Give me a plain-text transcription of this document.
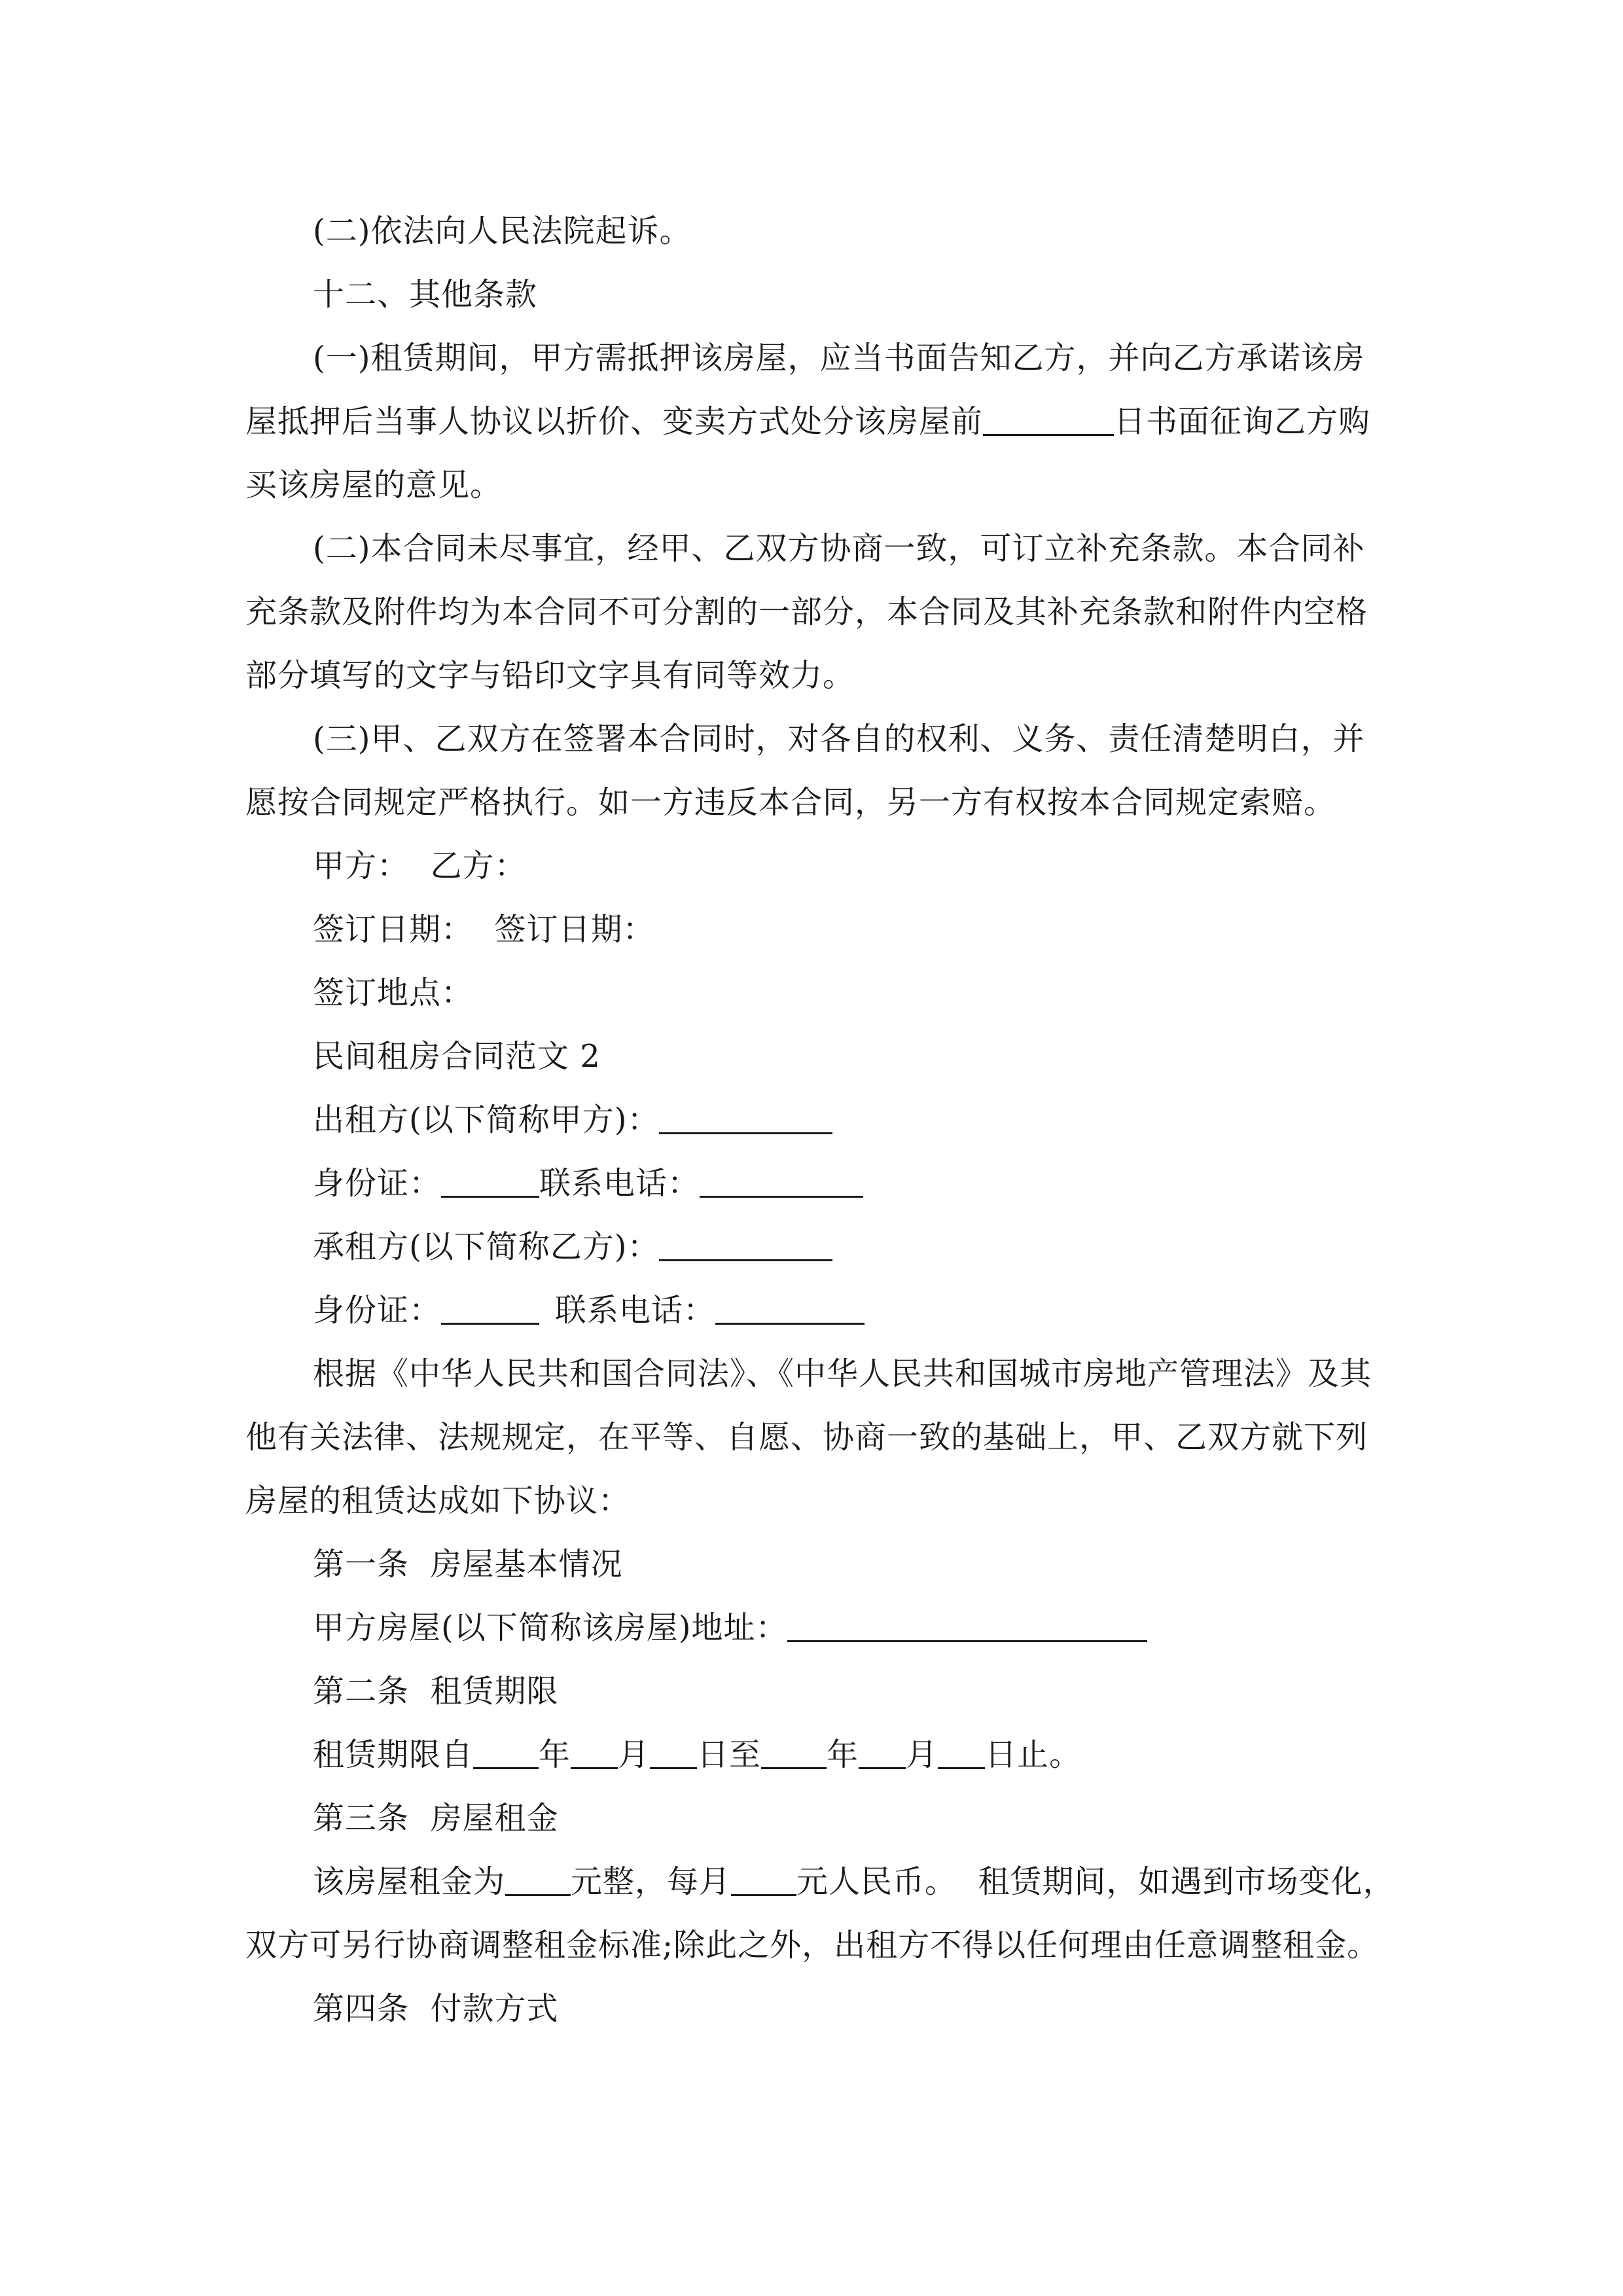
(二)依法向人民法院起诉。
十二、其他条款
(一)租赁期间，甲方需抵押该房屋，应当书面告知乙方，并向乙方承诺该房
屋抵押后当事人协议以折价、变卖方式处分该房屋前	日书面征询乙方购
买该房屋的意见。
(二)本合同未尽事宜，经甲、乙双方协商一致，可订立补充条款。本合同补
充条款及附件均为本合同不可分割的一部分，本合同及其补充条款和附件内空格
部分填写的文字与铅印文字具有同等效力。
(三)甲、乙双方在签署本合同时，对各自的权利、义务、责任清楚明白，并
愿按合同规定严格执行。如一方违反本合同，另一方有权按本合同规定索赔。
甲方：  乙方：
签订日期：  签订日期：
签订地点：
民间租房合同范文 2
出租方(以下简称甲方)：
身份证：	联系电话：
承租方(以下简称乙方)：
身份证：	联系电话：
根据《中华人民共和国合同法》、《中华人民共和国城市房地产管理法》及其
他有关法律、法规规定，在平等、自愿、协商一致的基础上，甲、乙双方就下列
房屋的租赁达成如下协议：
第一条  房屋基本情况
甲方房屋(以下简称该房屋)地址：
第二条  租赁期限
租赁期限自 年 月 日至 年 月 日止。
第三条  房屋租金
该房屋租金为 元整，每月 元人民币。  租赁期间，如遇到市场变化，
双方可另行协商调整租金标准;除此之外，出租方不得以任何理由任意调整租金。
第四条  付款方式
